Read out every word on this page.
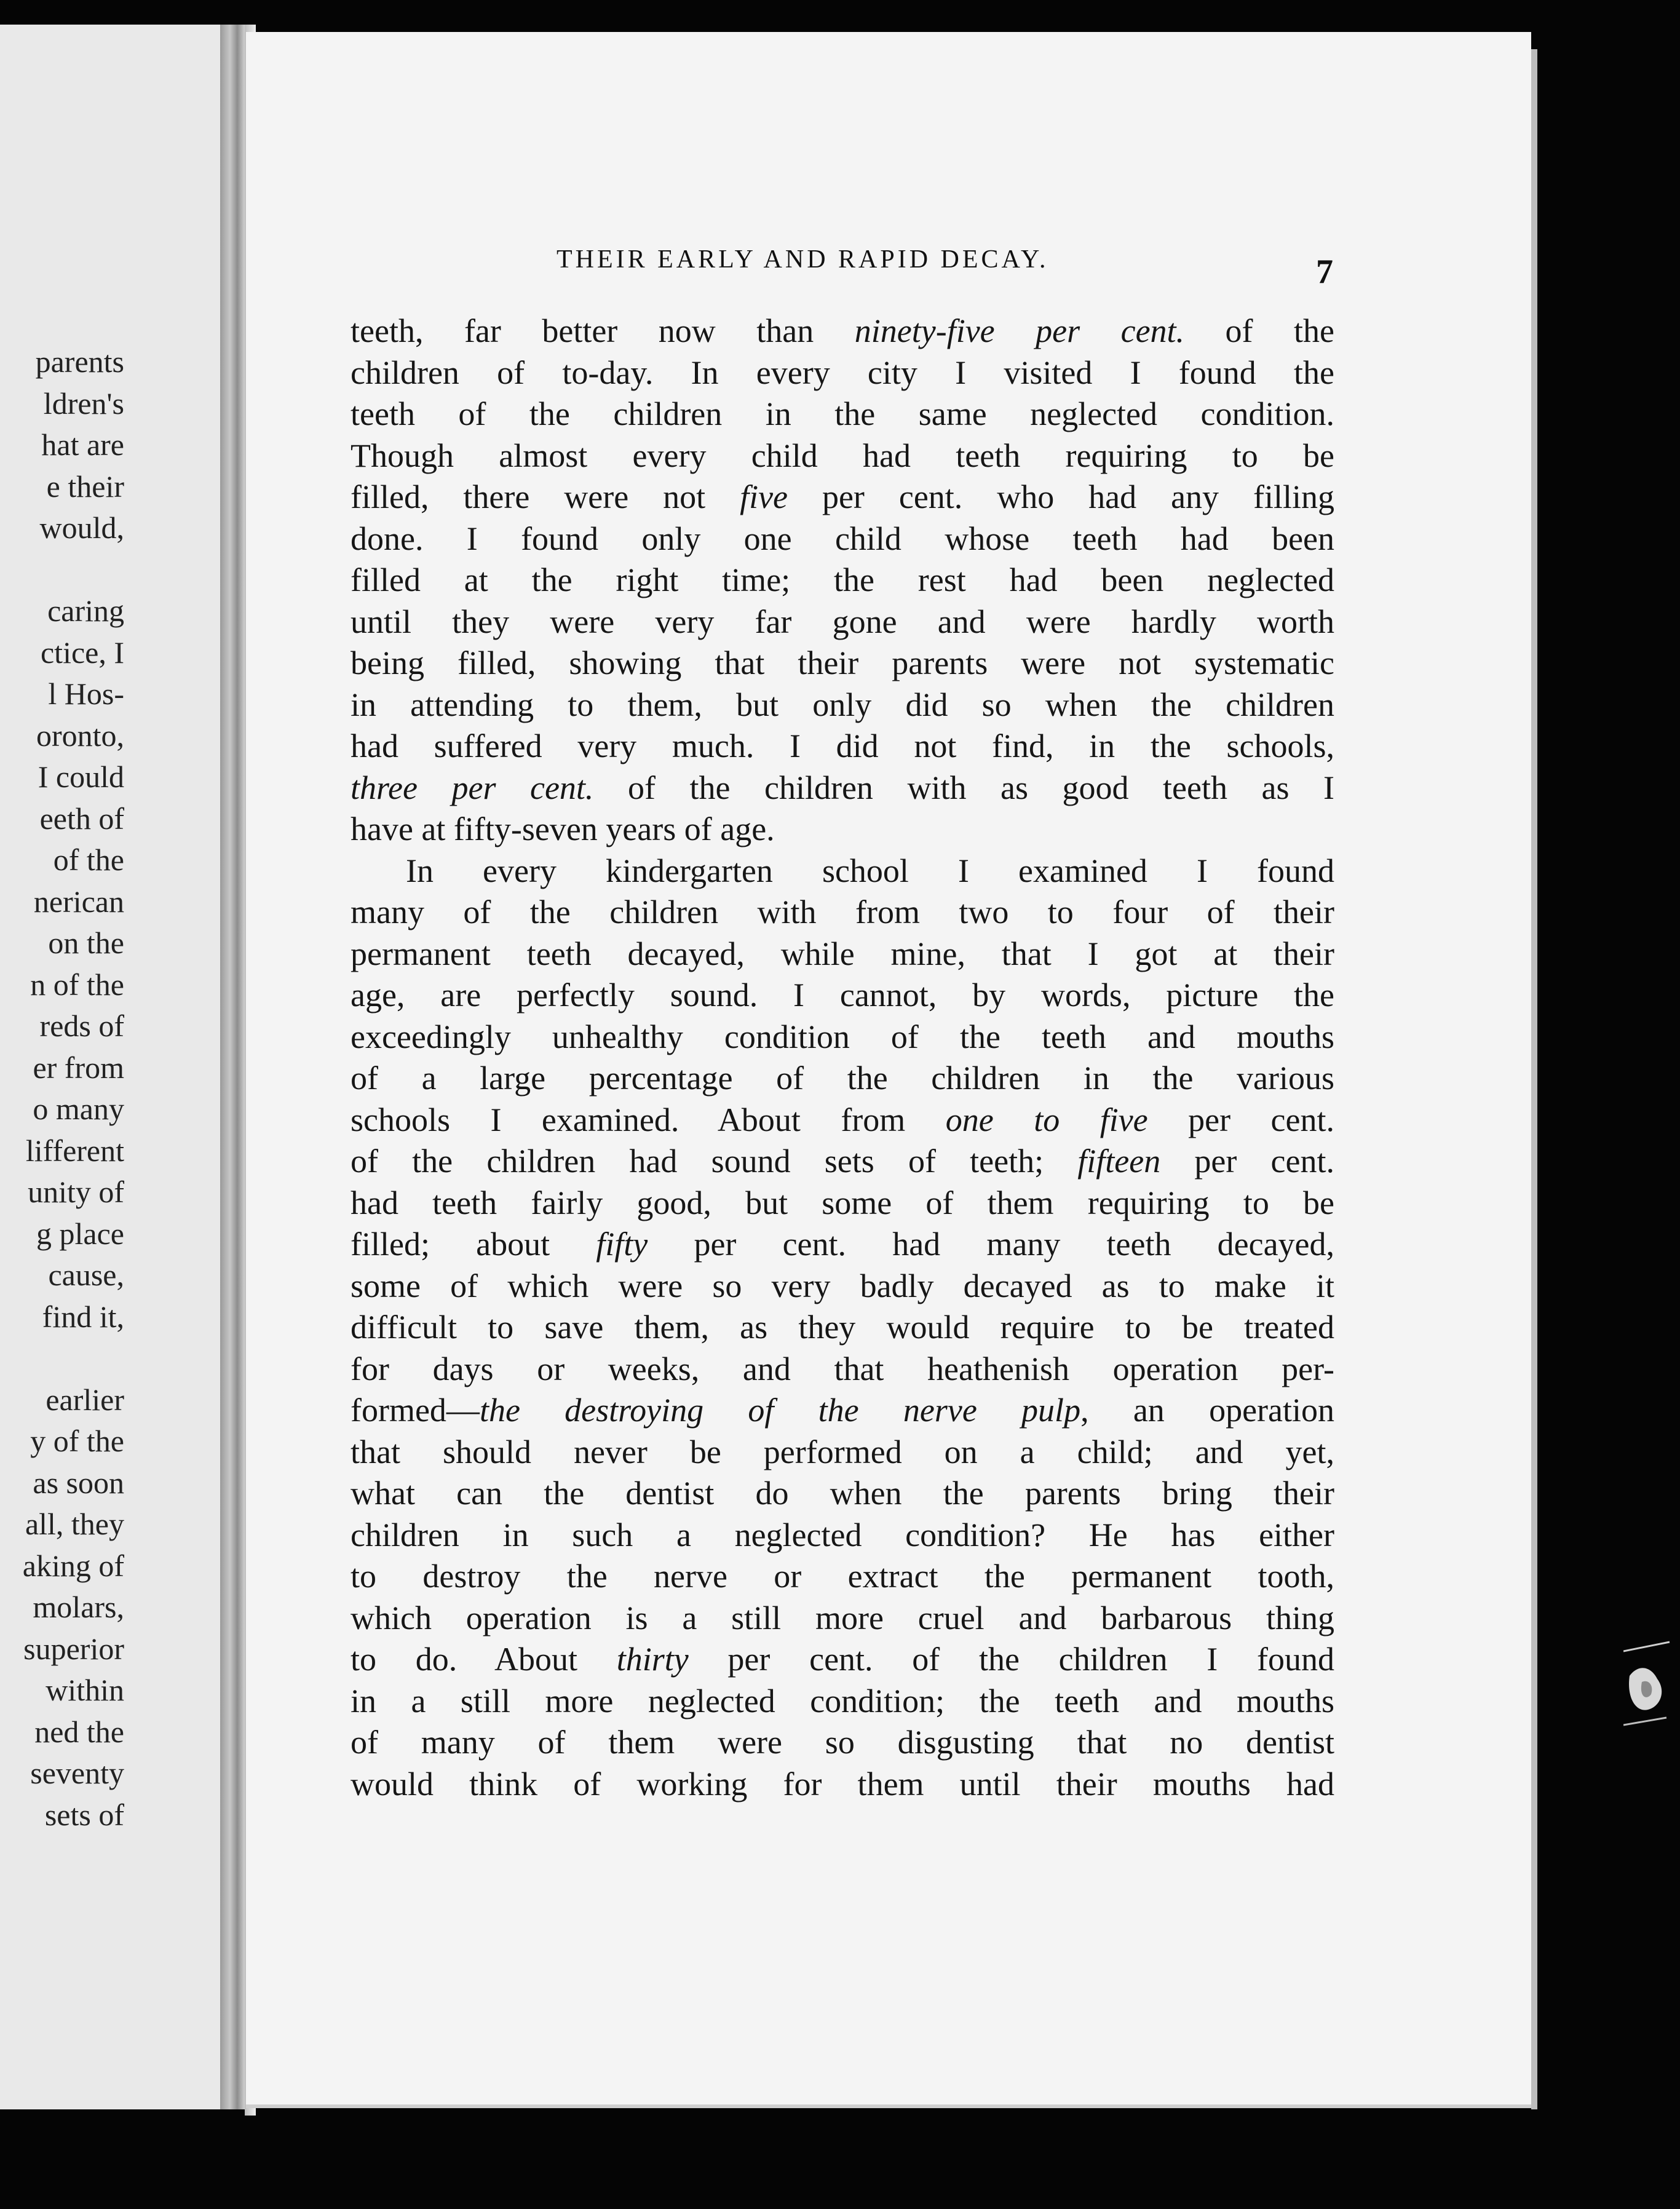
parents
ldren's
hat are
e their
would,
caring
ctice, I
l Hos-
oronto,
I could
eeth of
of the
nerican
on the
n of the
reds of
er from
o many
lifferent
unity of
g place
cause,
find it,
earlier
y of the
as soon
all, they
aking of
molars,
superior
within
ned the
seventy
sets of
THEIR EARLY AND RAPID DECAY.	7
teeth, far better now than ninety-five per cent. of the
children of to-day. In every city I visited I found the
teeth of the children in the same neglected condition.
Though almost every child had teeth requiring to be
filled, there were not five per cent. who had any filling
done. I found only one child whose teeth had been
filled at the right time; the rest had been neglected
until they were very far gone and were hardly worth
being filled, showing that their parents were not systematic
in attending to them, but only did so when the children
had suffered very much. I did not find, in the schools,
three per cent. of the children with as good teeth as I
have at fifty-seven years of age.
In every kindergarten school I examined I found
many of the children with from two to four of their
permanent teeth decayed, while mine, that I got at their
age, are perfectly sound. I cannot, by words, picture the
exceedingly unhealthy condition of the teeth and mouths
of a large percentage of the children in the various
schools I examined. About from one to five per cent.
of the children had sound sets of teeth; fifteen per cent.
had teeth fairly good, but some of them requiring to be
filled; about fifty per cent. had many teeth decayed,
some of which were so very badly decayed as to make it
difficult to save them, as they would require to be treated
for days or weeks, and that heathenish operation per-
formed—the destroying of the nerve pulp, an operation
that should never be performed on a child; and yet,
what can the dentist do when the parents bring their
children in such a neglected condition? He has either
to destroy the nerve or extract the permanent tooth,
which operation is a still more cruel and barbarous thing
to do. About thirty per cent. of the children I found
in a still more neglected condition; the teeth and mouths
of many of them were so disgusting that no dentist
would think of working for them until their mouths had
